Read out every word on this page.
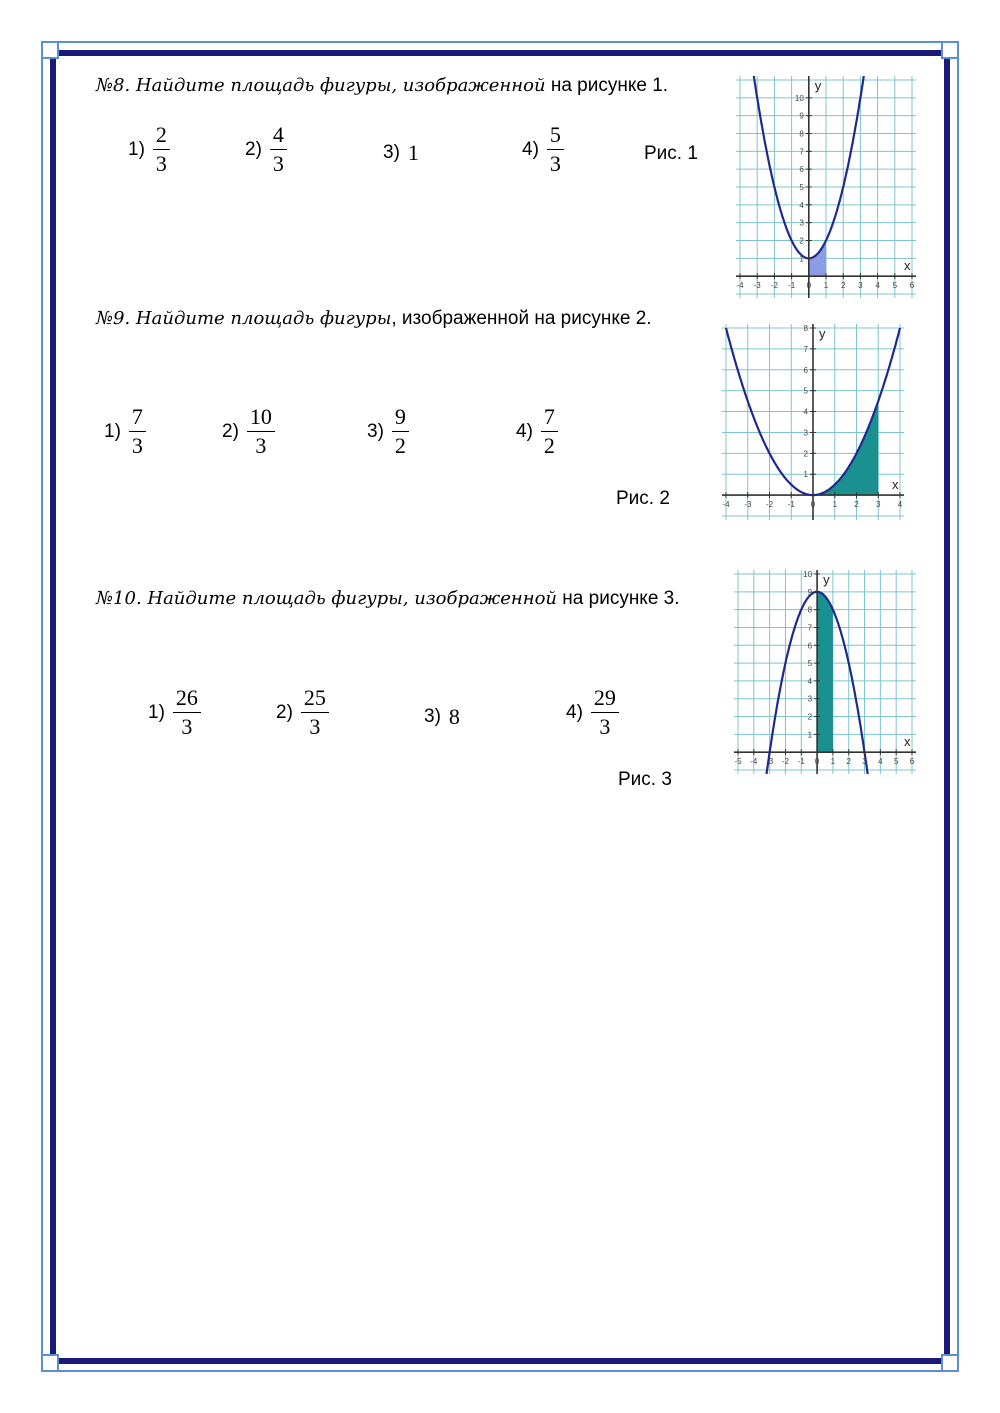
№8. Найдите площадь фигуры, изображенной на рисунке 1.
$1) \frac{2}{3}$	$2) \frac{4}{3}$	3) 1	$4) \frac{5}{3}$	Рис. 1
№9. Найдите площадь фигуры, изображенной на рисунке 2.
$1) \frac{7}{3}$	$2) \frac{10}{3}$	$3) \frac{9}{2}$	$4) \frac{7}{2}$
Рис. 2
№10. Найдите площадь фигуры, изображенной на рисунке 3.
$1) \frac{26}{3}$	$2) \frac{25}{3}$	3) 8	$4) \frac{29}{3}$
Рис. 3
-4 -3 -2 -1 0 1 2 3 4 5 6
1
2
3
4
5
6
7
8
9
10
x
y
-4 -3 -2 -1 0 1 2 3 4
1
2
3
4
5
6
7
8
x
y
-5 -4 -3 -2 -1 0 1 2 3 4 5 6
1
2
3
4
5
6
7
8
9
10
x
y
